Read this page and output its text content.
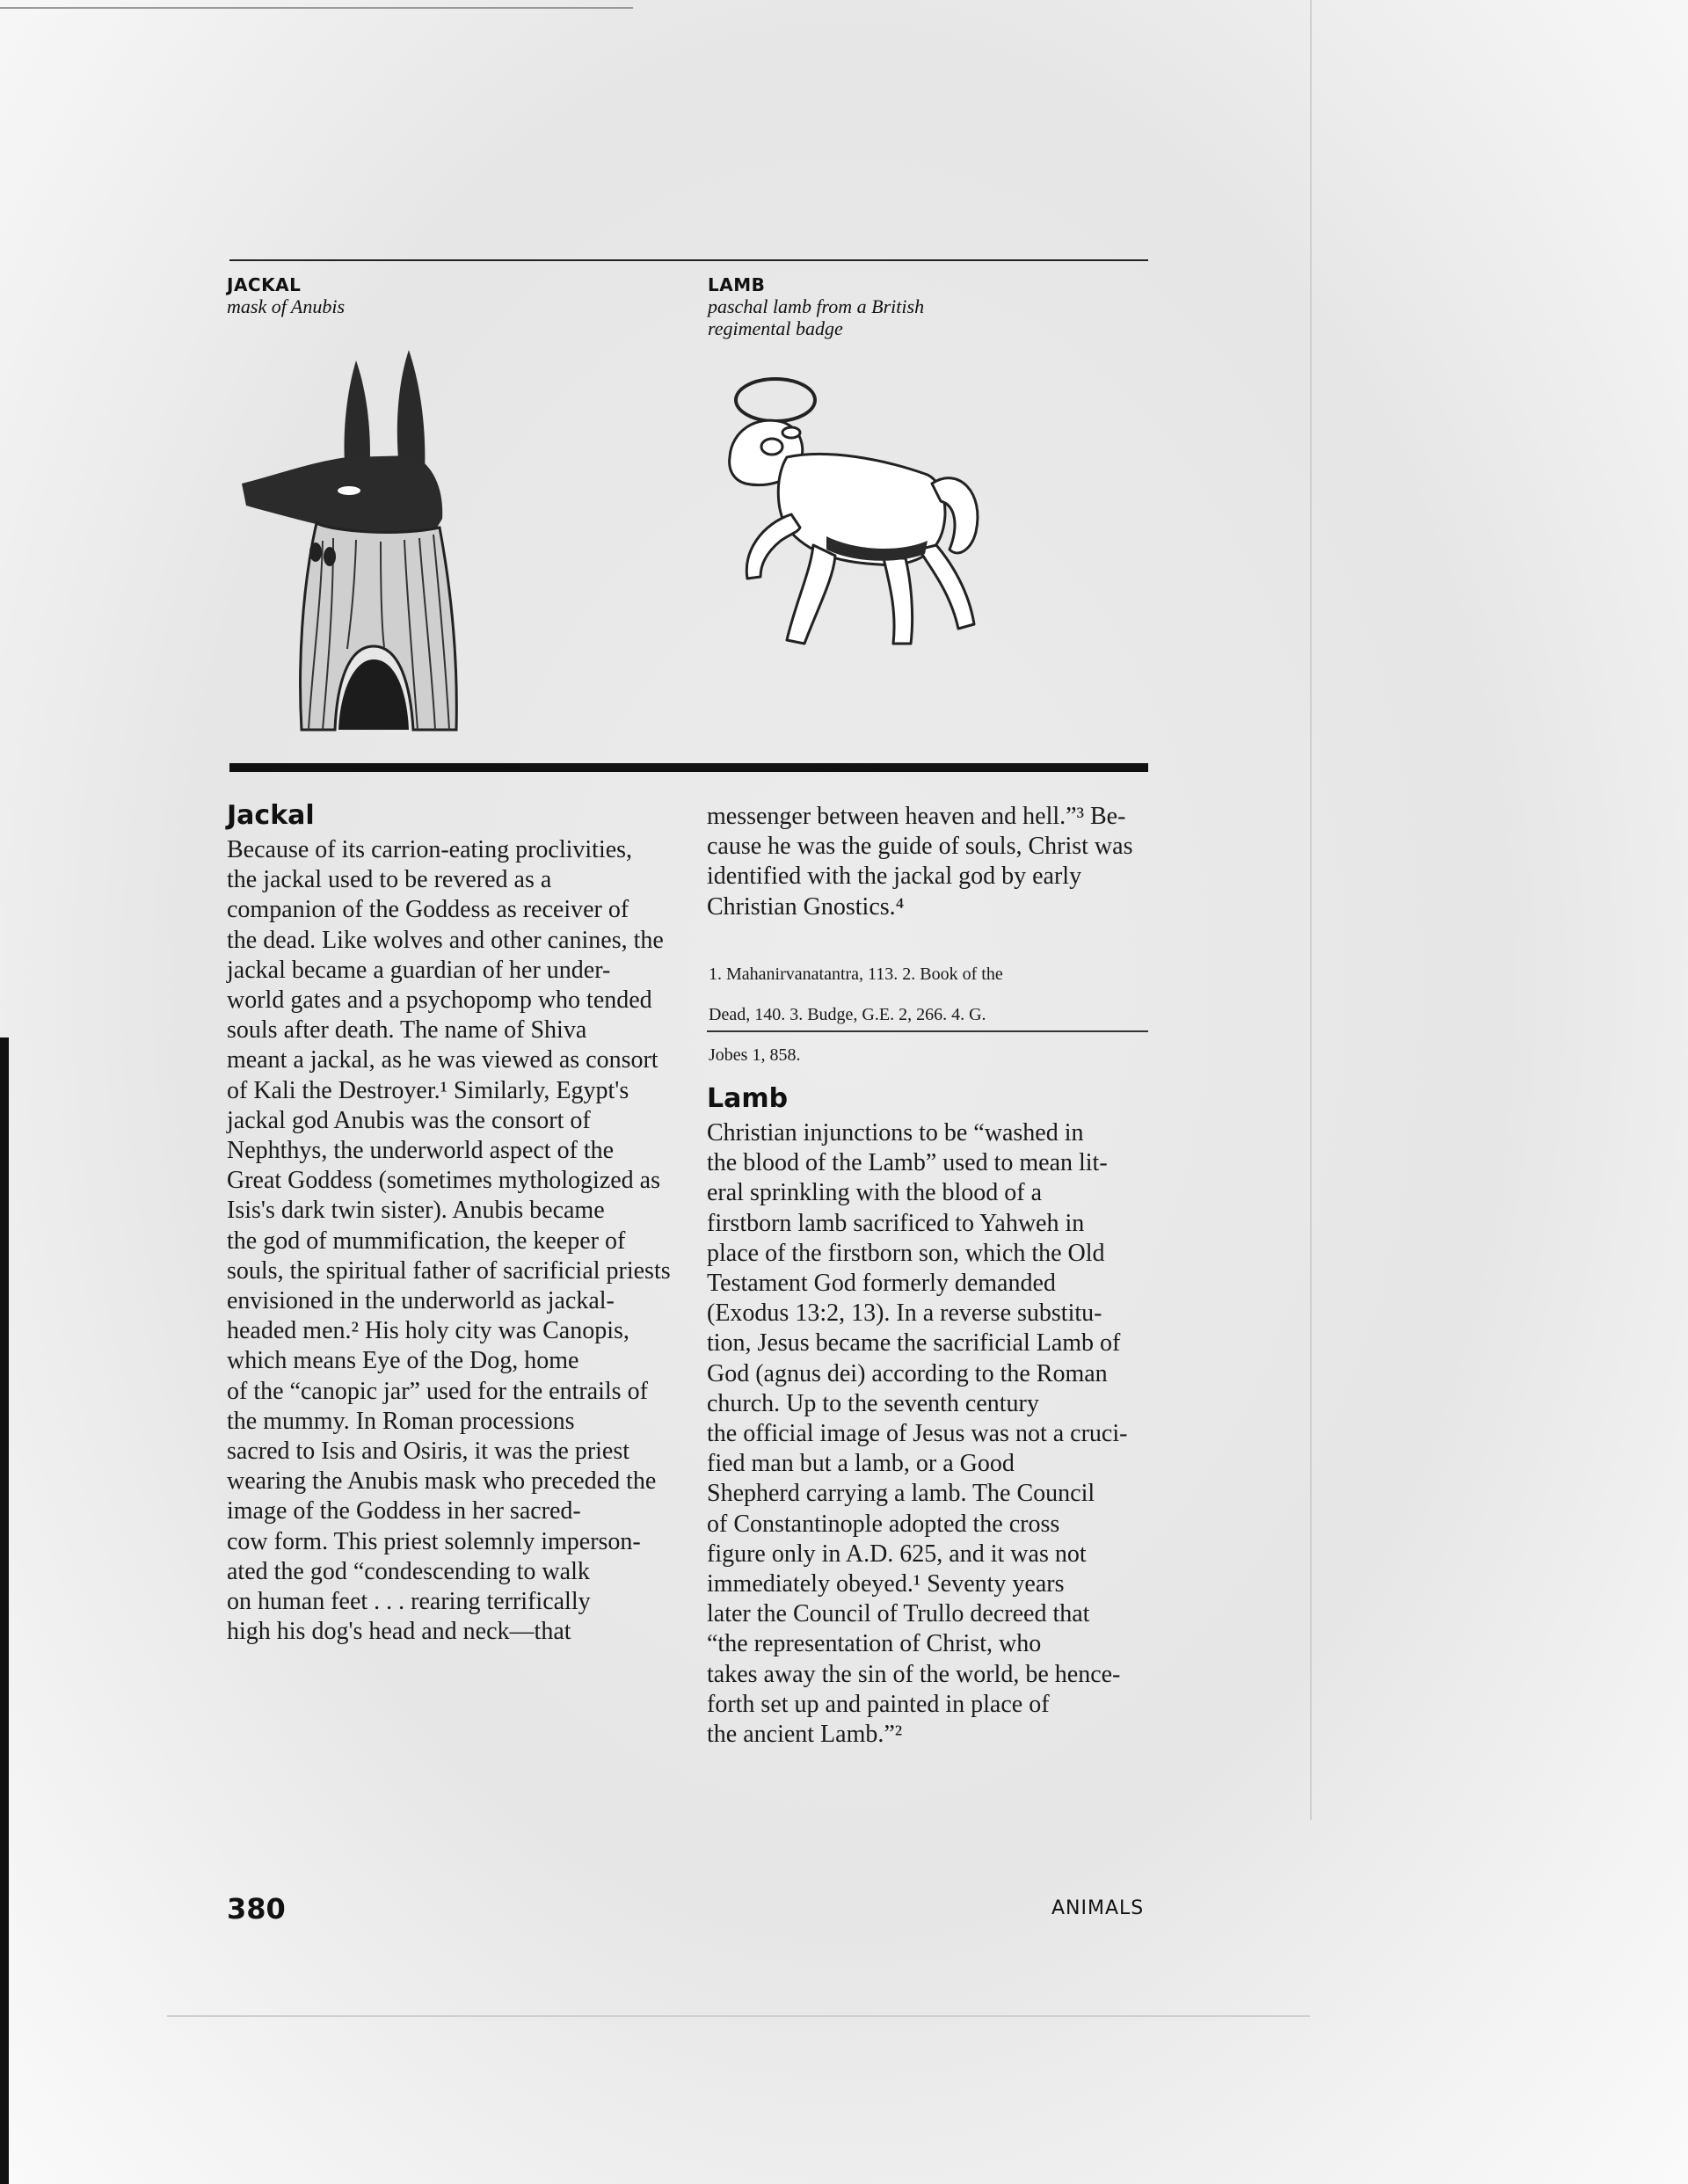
JACKAL
mask of Anubis
LAMB
paschal lamb from a British
regimental badge
Jackal

Because of its carrion-eating proclivities,

the jackal used to be revered as a

companion of the Goddess as receiver of

the dead. Like wolves and other canines, the

jackal became a guardian of her under-

world gates and a psychopomp who tended

souls after death. The name of Shiva

meant a jackal, as he was viewed as consort

of Kali the Destroyer.¹ Similarly, Egypt's

jackal god Anubis was the consort of

Nephthys, the underworld aspect of the

Great Goddess (sometimes mythologized as

Isis's dark twin sister). Anubis became

the god of mummification, the keeper of

souls, the spiritual father of sacrificial priests

envisioned in the underworld as jackal-

headed men.² His holy city was Canopis,

which means Eye of the Dog, home

of the “canopic jar” used for the entrails of

the mummy. In Roman processions

sacred to Isis and Osiris, it was the priest

wearing the Anubis mask who preceded the

image of the Goddess in her sacred-

cow form. This priest solemnly imperson-

ated the god “condescending to walk

on human feet . . . rearing terrifically

high his dog's head and neck—that

messenger between heaven and hell.”³ Be-

cause he was the guide of souls, Christ was

identified with the jackal god by early

Christian Gnostics.⁴

1. Mahanirvanatantra, 113. 2. Book of the

Dead, 140. 3. Budge, G.E. 2, 266. 4. G.

Jobes 1, 858.

Lamb

Christian injunctions to be “washed in

the blood of the Lamb” used to mean lit-

eral sprinkling with the blood of a

firstborn lamb sacrificed to Yahweh in

place of the firstborn son, which the Old

Testament God formerly demanded

(Exodus 13:2, 13). In a reverse substitu-

tion, Jesus became the sacrificial Lamb of

God (agnus dei) according to the Roman

church. Up to the seventh century

the official image of Jesus was not a cruci-

fied man but a lamb, or a Good

Shepherd carrying a lamb. The Council

of Constantinople adopted the cross

figure only in A.D. 625, and it was not

immediately obeyed.¹ Seventy years

later the Council of Trullo decreed that

“the representation of Christ, who

takes away the sin of the world, be hence-

forth set up and painted in place of

the ancient Lamb.”²

380	ANIMALS
